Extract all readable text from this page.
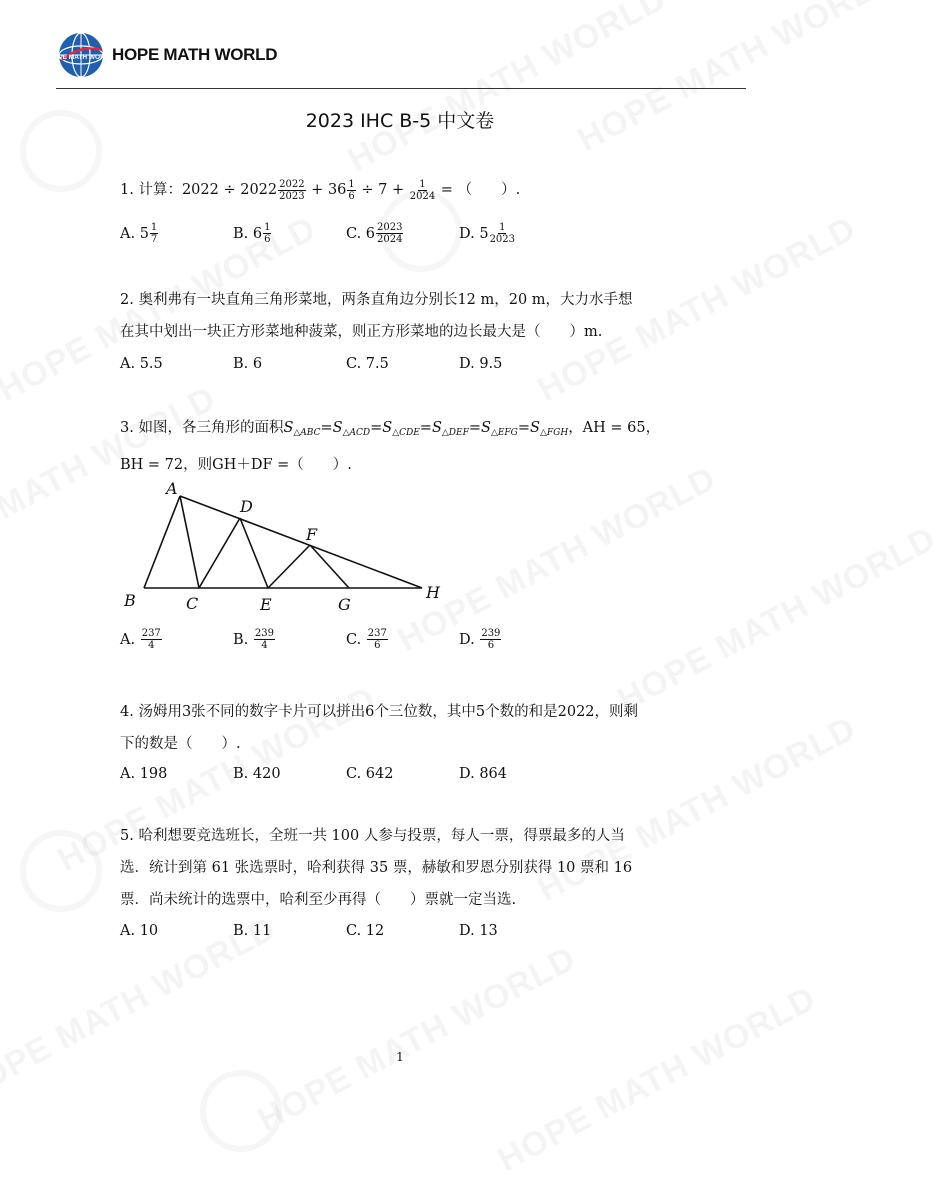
HOPE MATH WORLD
HOPE MATH WORLD
2023 IHC B-5 中文卷
1. 计算：$2022 \div 2022 \frac{2022}{2023} + 36 \frac{1}{6} \div 7 + \frac{1}{2024}$ = （　　）.
A. $5 \frac{1}{7}$	B. $6 \frac{1}{6}$	C. $6 \frac{2023}{2024}$	D. $5 \frac{1}{2023}$
2. 奥利弗有一块直角三角形菜地，两条直角边分别长12 m，20 m，大力水手想
在其中划出一块正方形菜地种菠菜，则正方形菜地的边长最大是（　　）m.
A. 5.5	B. 6	C. 7.5	D. 9.5
3. 如图，各三角形的面积$S_{\triangle ABC}=S_{\triangle ACD}=S_{\triangle CDE}=S_{\triangle DEF}=S_{\triangle EFG}=S_{\triangle FGH}$，AH = 65，
BH = 72，则GH＋DF =（　　）.
A
B	C
D
E
F
G
H
A.
$\frac{237}{4}$	B.
$\frac{239}{4}$	C.
$\frac{237}{6}$	D.
$\frac{239}{6}$
4. 汤姆用3张不同的数字卡片可以拼出6个三位数，其中5个数的和是2022，则剩
下的数是（　　）.
A. 198	B. 420	C. 642	D. 864
5. 哈利想要竞选班长，全班一共 100 人参与投票，每人一票，得票最多的人当
选．统计到第 61 张选票时，哈利获得 35 票，赫敏和罗恩分别获得 10 票和 16
票．尚未统计的选票中，哈利至少再得（　　）票就一定当选.
A. 10	B. 11	C. 12	D. 13
1
